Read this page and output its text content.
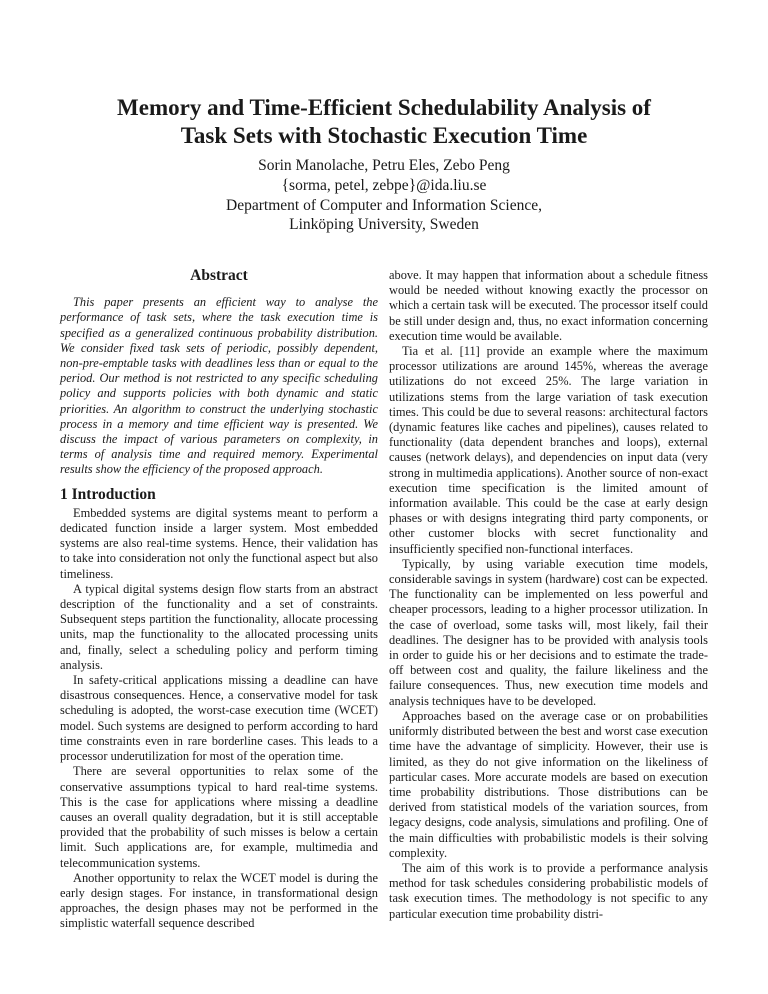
Memory and Time-Efficient Schedulability Analysis of
Task Sets with Stochastic Execution Time
Sorin Manolache, Petru Eles, Zebo Peng
{sorma, petel, zebpe}@ida.liu.se
Department of Computer and Information Science,
Linköping University, Sweden
Abstract

This paper presents an efficient way to analyse the performance of task sets, where the task execution time is specified as a generalized continuous probability distribution. We consider fixed task sets of periodic, possibly dependent, non-pre-emptable tasks with deadlines less than or equal to the period. Our method is not restricted to any specific scheduling policy and supports policies with both dynamic and static priorities. An algorithm to construct the underlying stochastic process in a memory and time efficient way is presented. We discuss the impact of various parameters on complexity, in terms of analysis time and required memory. Experimental results show the efficiency of the proposed approach.

1 Introduction

Embedded systems are digital systems meant to perform a dedicated function inside a larger system. Most embedded systems are also real-time systems. Hence, their validation has to take into consideration not only the functional aspect but also timeliness.

A typical digital systems design flow starts from an abstract description of the functionality and a set of constraints. Subsequent steps partition the functionality, allocate processing units, map the functionality to the allocated processing units and, finally, select a scheduling policy and perform timing analysis.

In safety-critical applications missing a deadline can have disastrous consequences. Hence, a conservative model for task scheduling is adopted, the worst-case execution time (WCET) model. Such systems are designed to perform according to hard time constraints even in rare borderline cases. This leads to a processor underutilization for most of the operation time.

There are several opportunities to relax some of the conservative assumptions typical to hard real-time systems. This is the case for applications where missing a deadline causes an overall quality degradation, but it is still acceptable provided that the probability of such misses is below a certain limit. Such applications are, for example, multimedia and telecommunication systems.

Another opportunity to relax the WCET model is during the early design stages. For instance, in transformational design approaches, the design phases may not be performed in the simplistic waterfall sequence described

above. It may happen that information about a schedule fitness would be needed without knowing exactly the processor on which a certain task will be executed. The processor itself could be still under design and, thus, no exact information concerning execution time would be available.

Tia et al. [11] provide an example where the maximum processor utilizations are around 145%, whereas the average utilizations do not exceed 25%. The large variation in utilizations stems from the large variation of task execution times. This could be due to several reasons: architectural factors (dynamic features like caches and pipelines), causes related to functionality (data dependent branches and loops), external causes (network delays), and dependencies on input data (very strong in multimedia applications). Another source of non-exact execution time specification is the limited amount of information available. This could be the case at early design phases or with designs integrating third party components, or other customer blocks with secret functionality and insufficiently specified non-functional interfaces.

Typically, by using variable execution time models, considerable savings in system (hardware) cost can be expected. The functionality can be implemented on less powerful and cheaper processors, leading to a higher processor utilization. In the case of overload, some tasks will, most likely, fail their deadlines. The designer has to be provided with analysis tools in order to guide his or her decisions and to estimate the trade-off between cost and quality, the failure likeliness and the failure consequences. Thus, new execution time models and analysis techniques have to be developed.

Approaches based on the average case or on probabilities uniformly distributed between the best and worst case execution time have the advantage of simplicity. However, their use is limited, as they do not give information on the likeliness of particular cases. More accurate models are based on execution time probability distributions. Those distributions can be derived from statistical models of the variation sources, from legacy designs, code analysis, simulations and profiling. One of the main difficulties with probabilistic models is their solving complexity.

The aim of this work is to provide a performance analysis method for task schedules considering probabilistic models of task execution times. The methodology is not specific to any particular execution time probability distri-
